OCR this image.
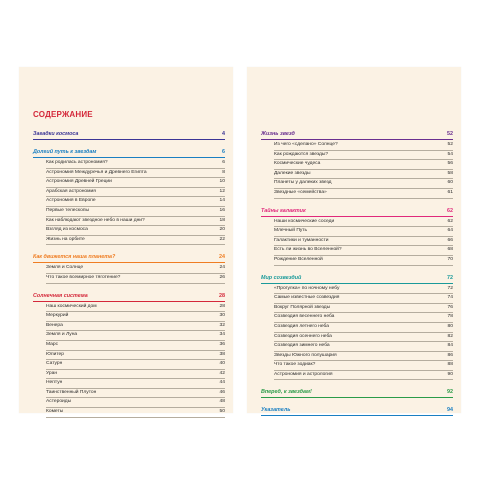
СОДЕРЖАНИЕ
Загадки космоса	4
Долгий путь к звездам	6
Как родилась астрономия?	6
Астрономия Междуречья и Древнего Египта	8
Астрономия Древней Греции	10
Арабская астрономия	12
Астрономия в Европе	14
Первые телескопы	16
Как наблюдают звездное небо в наши дни?	18
Взгляд из космоса	20
Жизнь на орбите	22
Как движется наша планета?	24
Земля и Солнце	24
Что такое всемирное тяготение?	26
Солнечная система	28
Наш космический дом	28
Меркурий	30
Венера	32
Земля и Луна	34
Марс	36
Юпитер	38
Сатурн	40
Уран	42
Нептун	44
Таинственный Плутон	46
Астероиды	48
Кометы	50
Жизнь звезд	52
Из чего «сделано» Солнце?	52
Как рождаются звезды?	54
Космические чудеса	56
Далекие звезды	58
Планеты у далеких звезд	60
Звездные «семейства»	61
Тайны галактик	62
Наши космические соседи	62
Млечный Путь	64
Галактики и туманности	66
Есть ли жизнь во Вселенной?	68
Рождение Вселенной	70
Мир созвездий	72
«Прогулка» по ночному небу	72
Самые известные созвездия	74
Вокруг Полярной звезды	76
Созвездия весеннего неба	78
Созвездия летнего неба	80
Созвездия осеннего неба	82
Созвездия зимнего неба	84
Звезды Южного полушария	86
Что такое зодиак?	88
Астрономия и астрология	90
Вперед, к звездам!	92
Указатель	94
